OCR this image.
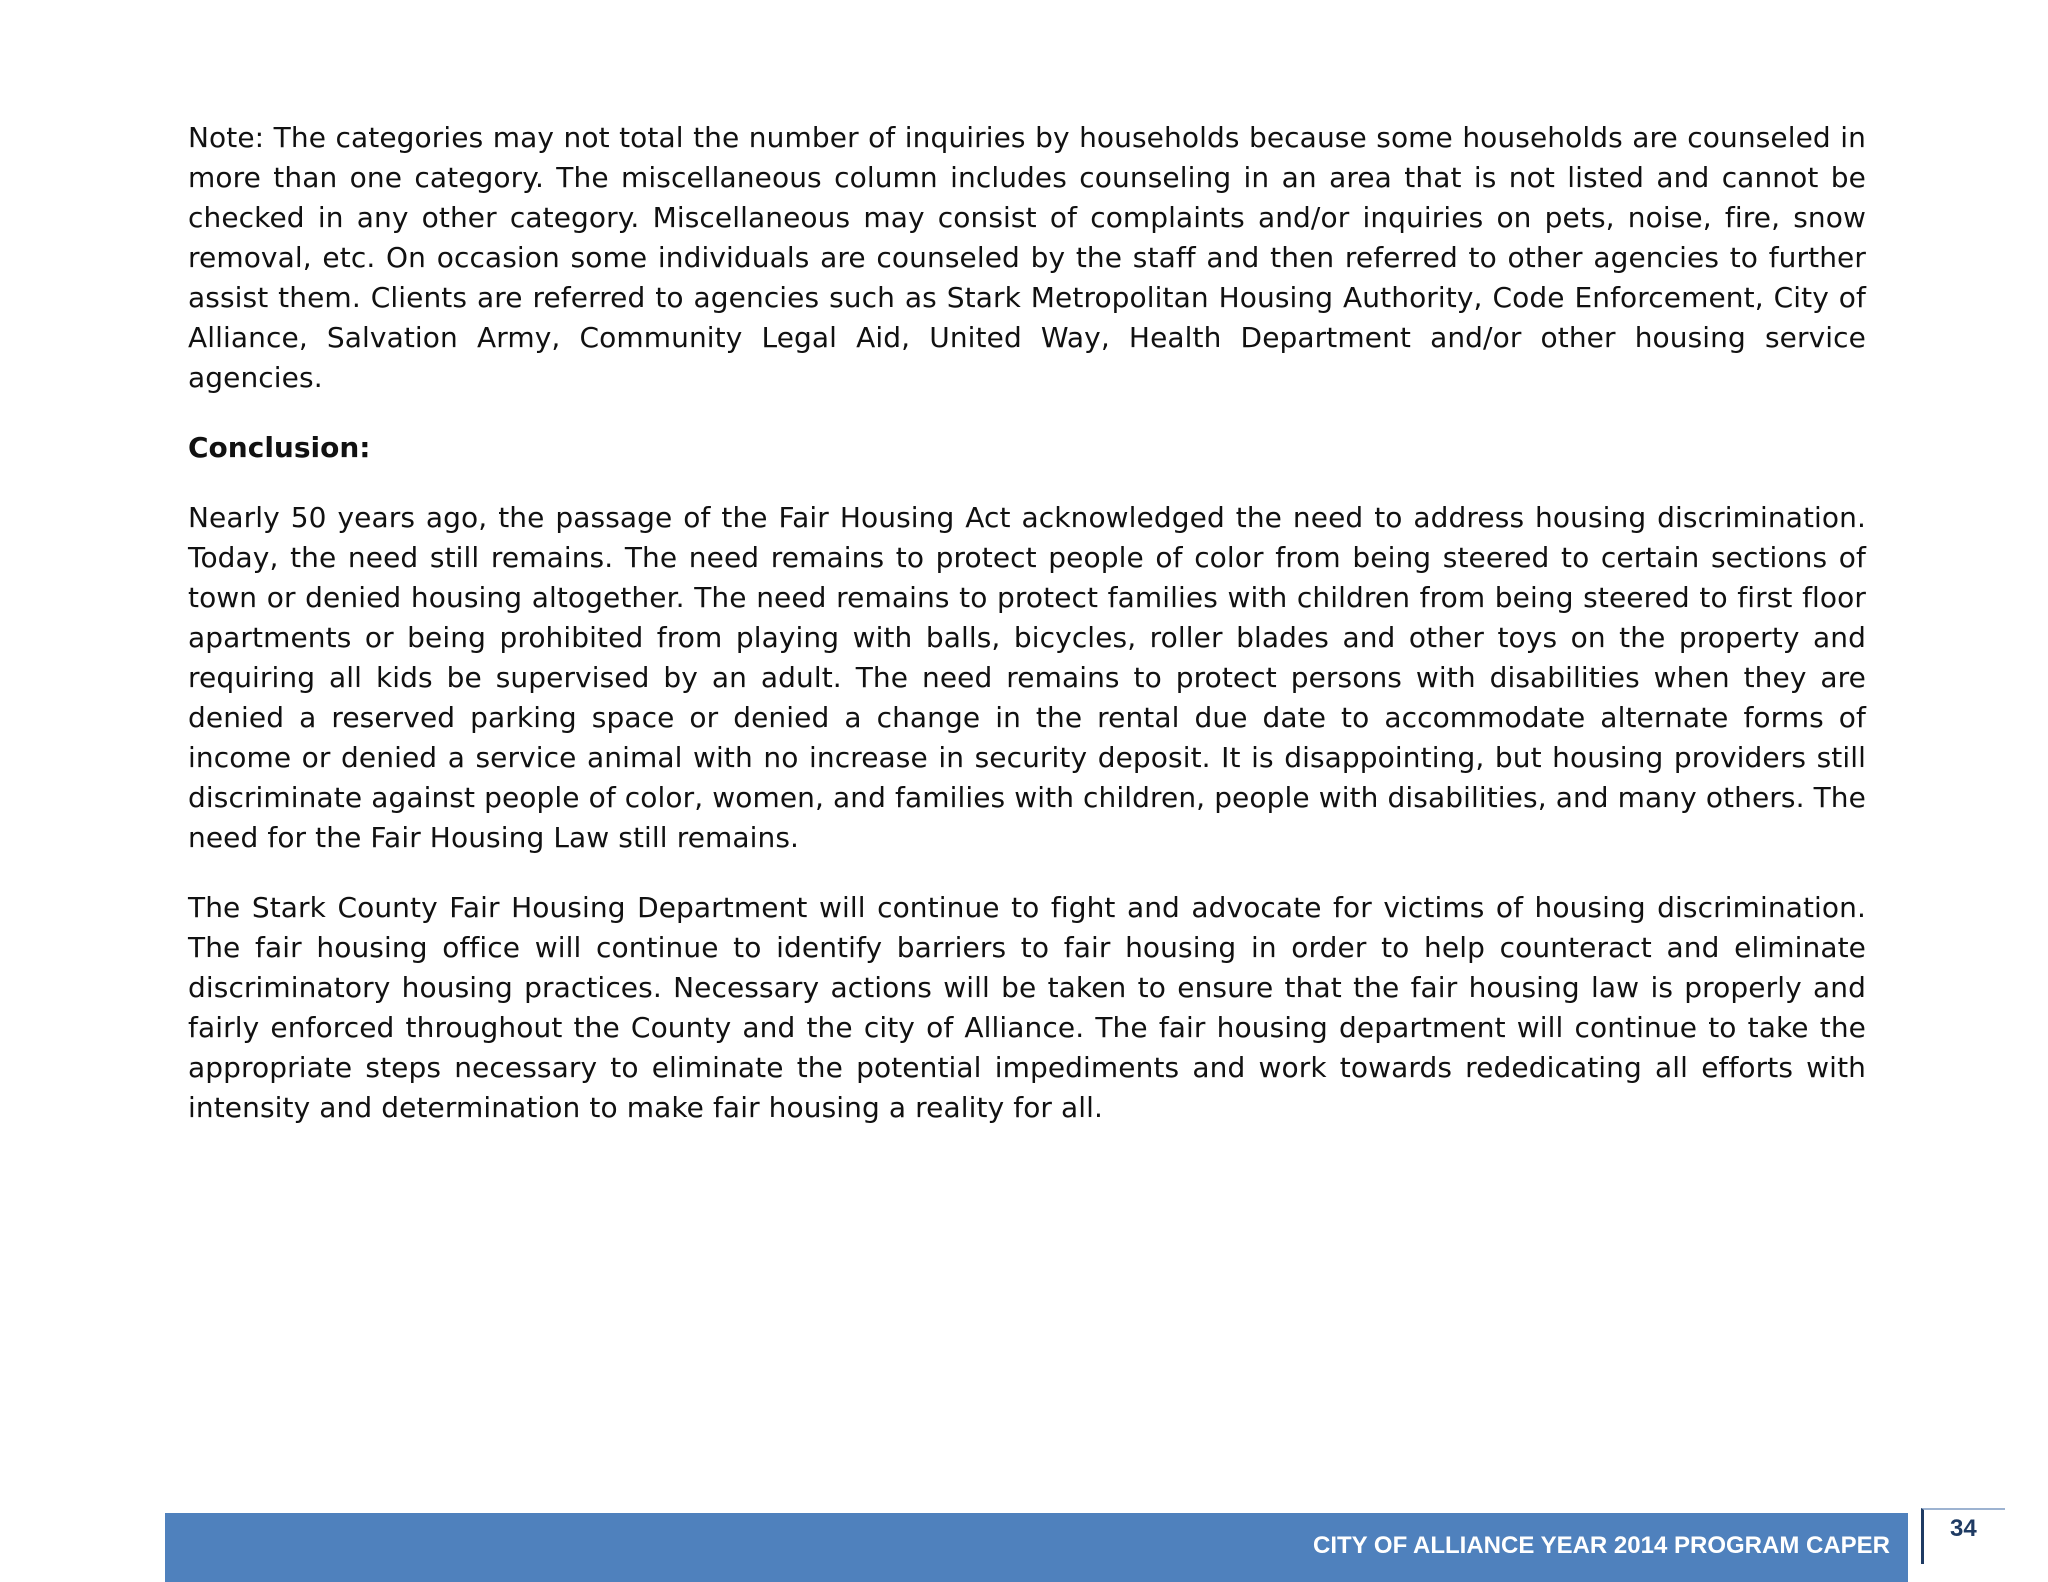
Note: The categories may not total the number of inquiries by households because some households are counseled in more than one category. The miscellaneous column includes counseling in an area that is not listed and cannot be checked in any other category. Miscellaneous may consist of complaints and/or inquiries on pets, noise, fire, snow removal, etc. On occasion some individuals are counseled by the staff and then referred to other agencies to further assist them. Clients are referred to agencies such as Stark Metropolitan Housing Authority, Code Enforcement, City of Alliance, Salvation Army, Community Legal Aid, United Way, Health Department and/or other housing service agencies.

Conclusion:

Nearly 50 years ago, the passage of the Fair Housing Act acknowledged the need to address housing discrimination. Today, the need still remains. The need remains to protect people of color from being steered to certain sections of town or denied housing altogether. The need remains to protect families with children from being steered to first floor apartments or being prohibited from playing with balls, bicycles, roller blades and other toys on the property and requiring all kids be supervised by an adult. The need remains to protect persons with disabilities when they are denied a reserved parking space or denied a change in the rental due date to accommodate alternate forms of income or denied a service animal with no increase in security deposit. It is disappointing, but housing providers still discriminate against people of color, women, and families with children, people with disabilities, and many others. The need for the Fair Housing Law still remains.

The Stark County Fair Housing Department will continue to fight and advocate for victims of housing discrimination. The fair housing office will continue to identify barriers to fair housing in order to help counteract and eliminate discriminatory housing practices. Necessary actions will be taken to ensure that the fair housing law is properly and fairly enforced throughout the County and the city of Alliance. The fair housing department will continue to take the appropriate steps necessary to eliminate the potential impediments and work towards rededicating all efforts with intensity and determination to make fair housing a reality for all.

CITY OF ALLIANCE YEAR 2014 PROGRAM CAPER
34
